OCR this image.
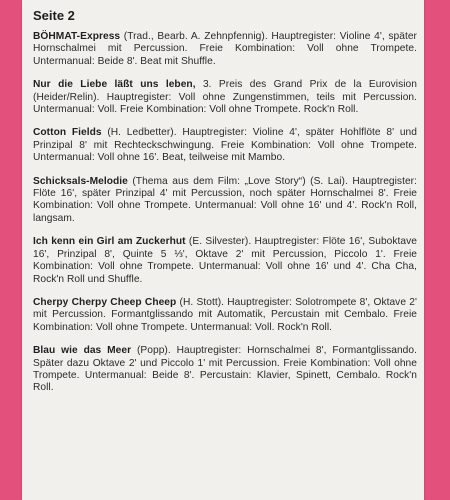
Seite 2
BÖHMAT-Express (Trad., Bearb. A. Zehnpfennig). Hauptregister: Violine 4', später Hornschalmei mit Percussion. Freie Kombination: Voll ohne Trompete. Untermanual: Beide 8'. Beat mit Shuffle.
Nur die Liebe läßt uns leben, 3. Preis des Grand Prix de la Eurovision (Heider/Relin). Hauptregister: Voll ohne Zungenstimmen, teils mit Percussion. Untermanual: Voll. Freie Kombination: Voll ohne Trompete. Rock'n Roll.
Cotton Fields (H. Ledbetter). Hauptregister: Violine 4', später Hohlflöte 8' und Prinzipal 8' mit Rechteckschwingung. Freie Kombination: Voll ohne Trompete. Untermanual: Voll ohne 16'. Beat, teilweise mit Mambo.
Schicksals-Melodie (Thema aus dem Film: „Love Story“) (S. Lai). Hauptregister: Flöte 16', später Prinzipal 4' mit Percussion, noch später Hornschalmei 8'. Freie Kombination: Voll ohne Trompete. Untermanual: Voll ohne 16' und 4'. Rock'n Roll, langsam.
Ich kenn ein Girl am Zuckerhut (E. Silvester). Hauptregister: Flöte 16', Suboktave 16', Prinzipal 8', Quinte 5 ⅓', Oktave 2' mit Percussion, Piccolo 1'. Freie Kombination: Voll ohne Trompete. Untermanual: Voll ohne 16' und 4'. Cha Cha, Rock'n Roll und Shuffle.
Cherpy Cherpy Cheep Cheep (H. Stott). Hauptregister: Solotrompete 8', Oktave 2' mit Percussion. Formantglissando mit Automatik, Percustain mit Cembalo. Freie Kombination: Voll ohne Trompete. Untermanual: Voll. Rock'n Roll.
Blau wie das Meer (Popp). Hauptregister: Hornschalmei 8', Formantglissando. Später dazu Oktave 2' und Piccolo 1' mit Percussion. Freie Kombination: Voll ohne Trompete. Untermanual: Beide 8'. Percustain: Klavier, Spinett, Cembalo. Rock'n Roll.
